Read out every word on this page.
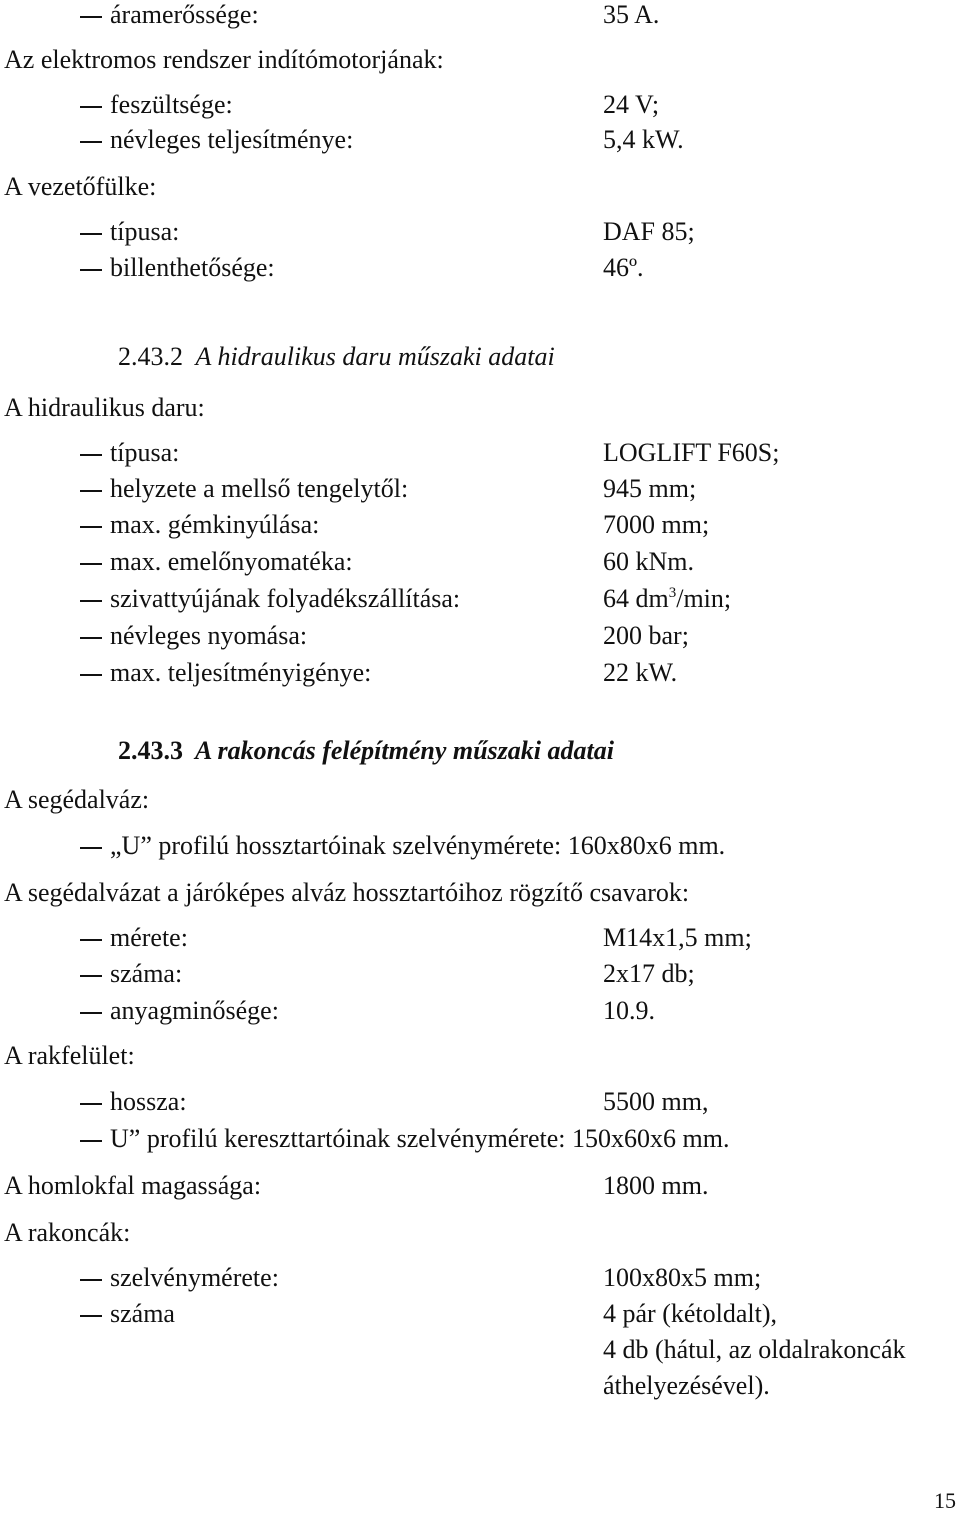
áramerőssége:	35 A.
Az elektromos rendszer indítómotorjának:
feszültsége:	24 V;
névleges teljesítménye:	5,4 kW.
A vezetőfülke:
típusa:	DAF 85;
billenthetősége:	46º.
2.43.2 A hidraulikus daru műszaki adatai
A hidraulikus daru:
típusa:	LOGLIFT F60S;
helyzete a mellső tengelytől:	945 mm;
max. gémkinyúlása:	7000 mm;
max. emelőnyomatéka:	60 kNm.
szivattyújának folyadékszállítása:	64 $dm^3/\min$;
névleges nyomása:	200 bar;
max. teljesítményigénye:	22 kW.
2.43.3 A rakoncás felépítmény műszaki adatai
A segédalváz:
„U” profilú hossztartóinak szelvénymérete: 160x80x6 mm.
A segédalvázat a járóképes alváz hossztartóihoz rögzítő csavarok:
mérete:	M14x1,5 mm;
száma:	2x17 db;
anyagminősége:	10.9.
A rakfelület:
hossza:	5500 mm,
U” profilú kereszttartóinak szelvénymérete: 150x60x6 mm.
A homlokfal magassága:	1800 mm.
A rakoncák:
szelvénymérete:	100x80x5 mm;
száma	4 pár (kétoldalt),
4 db (hátul, az oldalrakoncák
áthelyezésével).
15
